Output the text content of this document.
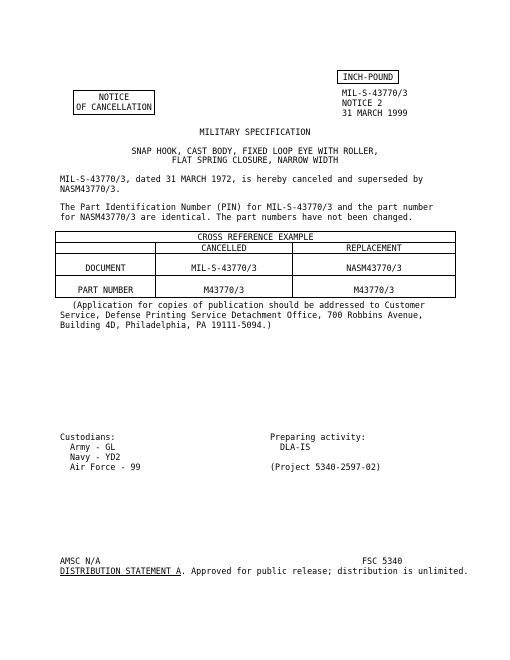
INCH-POUND
NOTICE
OF CANCELLATION
MIL-S-43770/3
NOTICE 2
31 MARCH 1999
MILITARY SPECIFICATION
SNAP HOOK, CAST BODY, FIXED LOOP EYE WITH ROLLER,
FLAT SPRING CLOSURE, NARROW WIDTH
MIL-S-43770/3, dated 31 MARCH 1972, is hereby canceled and superseded by
NASM43770/3.
The Part Identification Number (PIN) for MIL-S-43770/3 and the part number
for NASM43770/3 are identical. The part numbers have not been changed.
CROSS REFERENCE EXAMPLE		
	CANCELLED	REPLACEMENT
DOCUMENT	MIL-S-43770/3	NASM43770/3
PART NUMBER	M43770/3	M43770/3
(Application for copies of publication should be addressed to Customer
Service, Defense Printing Service Detachment Office, 700 Robbins Avenue,
Building 4D, Philadelphia, PA 19111-5094.)
Custodians:
Army - GL
Navy - YD2
Air Force - 99
Preparing activity:
DLA-IS
(Project 5340-2597-02)
AMSC N/A	FSC 5340
DISTRIBUTION STATEMENT A. Approved for public release; distribution is unlimited.
